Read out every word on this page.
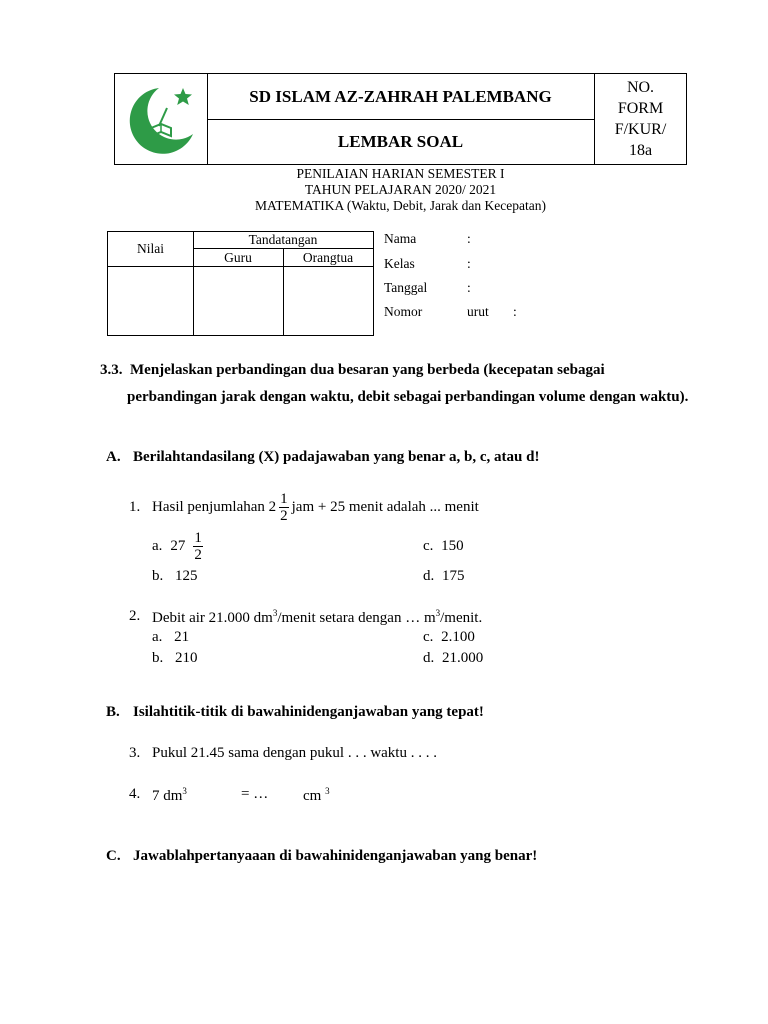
SD ISLAM AZ-ZAHRAH PALEMBANG
LEMBAR SOAL
NO.
FORM
F/KUR/
18a
PENILAIAN HARIAN SEMESTER I
TAHUN PELAJARAN 2020/ 2021
MATEMATIKA (Waktu, Debit, Jarak dan Kecepatan)
Nilai
Tandatangan
Guru	Orangtua
Nama	:
Kelas	:
Tanggal	:
Nomor	urut :
3.3. Menjelaskan perbandingan dua besaran yang berbeda (kecepatan sebagai
perbandingan jarak dengan waktu, debit sebagai perbandingan volume dengan waktu).
A. Berilahtandasilang (X) padajawaban yang benar a, b, c, atau d!
1. Hasil penjumlahan $2 \frac{1}{2}$ jam + 25 menit adalah ... menit
a. $27 \frac{1}{2}$	c. 150
b. 125	d. 175
2. Debit air 21.000 $dm^3$/menit setara dengan … $m^3$/menit.
a. 21	c. 2.100
b. 210	d. 21.000
B. Isilahtitik-titik di bawahinidenganjawaban yang tepat!
3. Pukul 21.45 sama dengan pukul . . . waktu . . . .
4. 7 $dm^3$	= … cm $^3$
C. Jawablahpertanyaaan di bawahinidenganjawaban yang benar!
